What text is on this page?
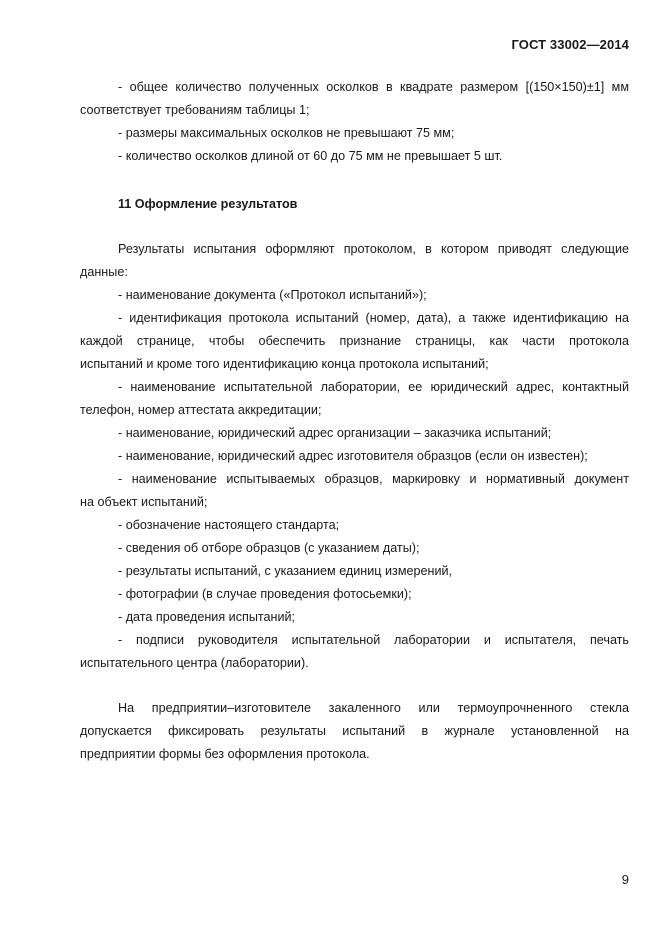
ГОСТ 33002—2014
- общее количество полученных осколков в квадрате размером [(150×150)±1] мм
соответствует требованиям таблицы 1;
- размеры максимальных осколков не превышают 75 мм;
- количество осколков длиной от 60 до 75 мм не превышает 5 шт.
11 Оформление результатов
Результаты испытания оформляют протоколом, в котором приводят следующие
данные:
- наименование документа («Протокол испытаний»);
- идентификация протокола испытаний (номер, дата), а также идентификацию на
каждой странице, чтобы обеспечить признание страницы, как части протокола
испытаний и кроме того идентификацию конца протокола испытаний;
- наименование испытательной лаборатории, ее юридический адрес, контактный
телефон, номер аттестата аккредитации;
- наименование, юридический адрес организации – заказчика испытаний;
- наименование, юридический адрес изготовителя образцов (если он известен);
- наименование испытываемых образцов, маркировку и нормативный документ
на объект испытаний;
- обозначение настоящего стандарта;
- сведения об отборе образцов (с указанием даты);
- результаты испытаний, с указанием единиц измерений,
- фотографии (в случае проведения фотосьемки);
- дата проведения испытаний;
- подписи руководителя испытательной лаборатории и испытателя, печать
испытательного центра (лаборатории).
На предприятии–изготовителе закаленного или термоупрочненного стекла
допускается фиксировать результаты испытаний в журнале установленной на
предприятии формы без оформления протокола.
9
